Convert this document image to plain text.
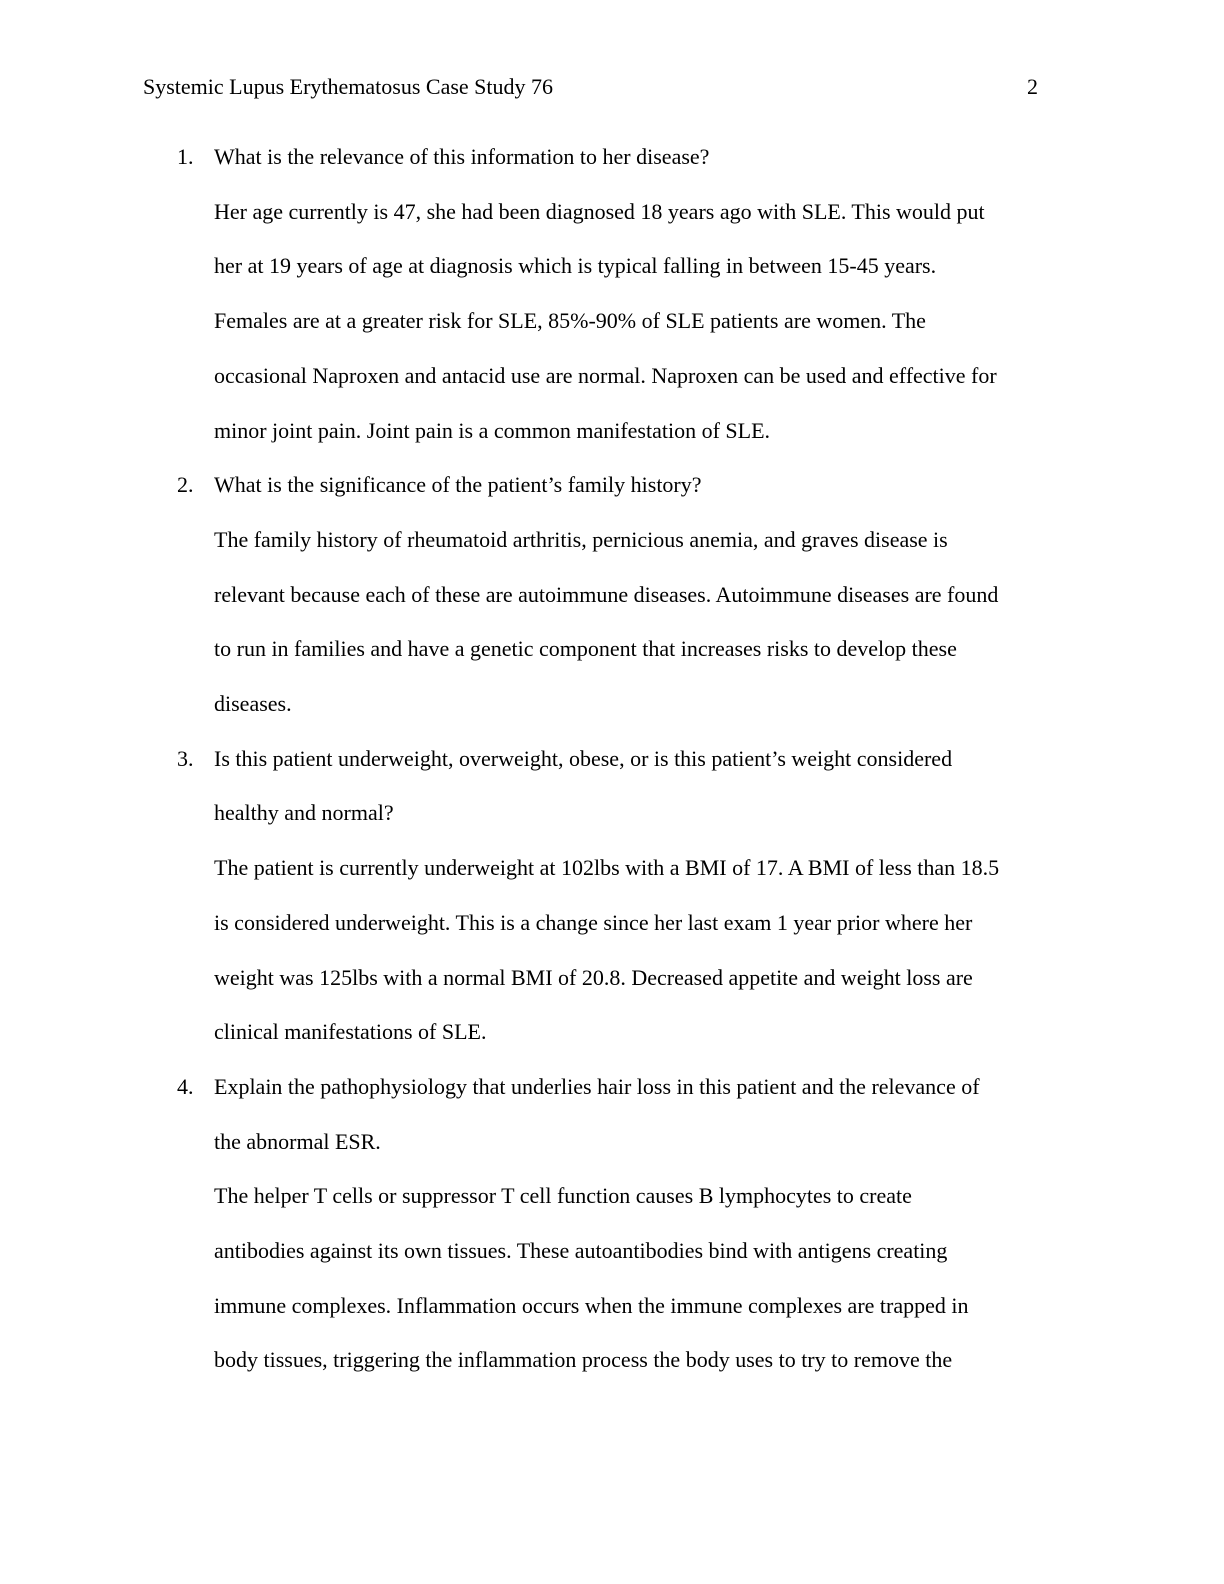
Systemic Lupus Erythematosus Case Study 76	2
1. What is the relevance of this information to her disease?
Her age currently is 47, she had been diagnosed 18 years ago with SLE. This would put
her at 19 years of age at diagnosis which is typical falling in between 15-45 years.
Females are at a greater risk for SLE, 85%-90% of SLE patients are women. The
occasional Naproxen and antacid use are normal. Naproxen can be used and effective for
minor joint pain. Joint pain is a common manifestation of SLE.
2. What is the significance of the patient’s family history?
The family history of rheumatoid arthritis, pernicious anemia, and graves disease is
relevant because each of these are autoimmune diseases. Autoimmune diseases are found
to run in families and have a genetic component that increases risks to develop these
diseases.
3. Is this patient underweight, overweight, obese, or is this patient’s weight considered
healthy and normal?
The patient is currently underweight at 102lbs with a BMI of 17. A BMI of less than 18.5
is considered underweight. This is a change since her last exam 1 year prior where her
weight was 125lbs with a normal BMI of 20.8. Decreased appetite and weight loss are
clinical manifestations of SLE.
4. Explain the pathophysiology that underlies hair loss in this patient and the relevance of
the abnormal ESR.
The helper T cells or suppressor T cell function causes B lymphocytes to create
antibodies against its own tissues. These autoantibodies bind with antigens creating
immune complexes. Inflammation occurs when the immune complexes are trapped in
body tissues, triggering the inflammation process the body uses to try to remove the
